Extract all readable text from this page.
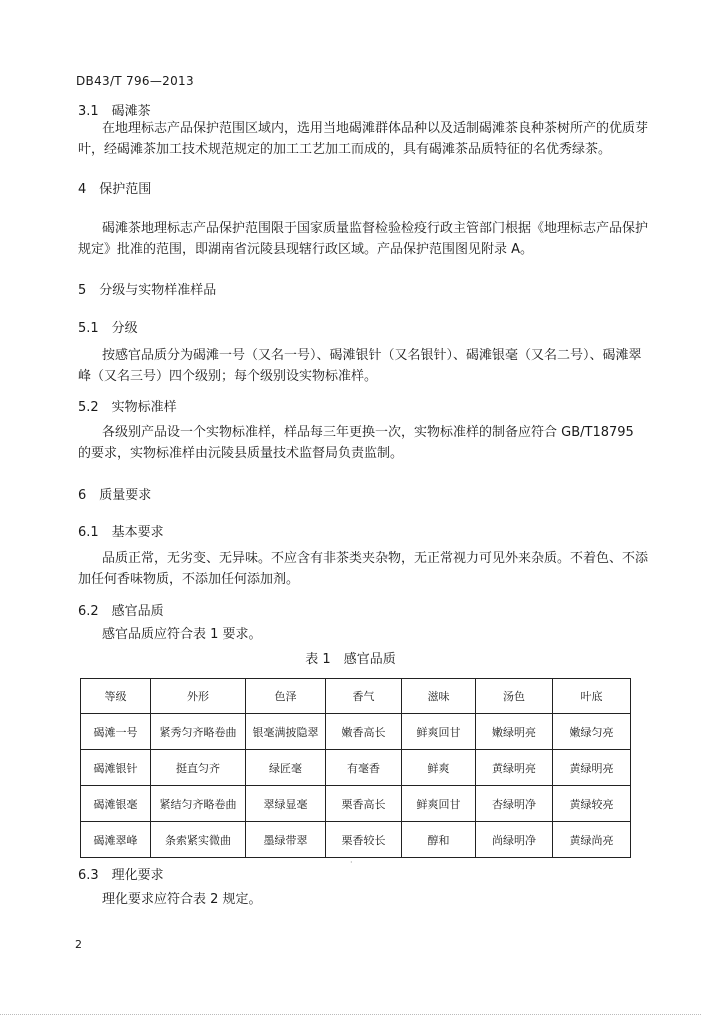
DB43/T 796—2013
3.1　碣滩茶
在地理标志产品保护范围区域内，选用当地碣滩群体品种以及适制碣滩茶良种茶树所产的优质芽叶，经碣滩茶加工技术规范规定的加工工艺加工而成的，具有碣滩茶品质特征的名优秀绿茶。
4　保护范围
碣滩茶地理标志产品保护范围限于国家质量监督检验检疫行政主管部门根据《地理标志产品保护规定》批准的范围，即湖南省沅陵县现辖行政区域。产品保护范围图见附录 A。
5　分级与实物样准样品
5.1　分级
按感官品质分为碣滩一号（又名一号）、碣滩银针（又名银针）、碣滩银毫（又名二号）、碣滩翠峰（又名三号）四个级别；每个级别设实物标准样。
5.2　实物标准样
各级别产品设一个实物标准样，样品每三年更换一次，实物标准样的制备应符合 GB/T18795 的要求，实物标准样由沅陵县质量技术监督局负责监制。
6　质量要求
6.1　基本要求
品质正常，无劣变、无异味。不应含有非茶类夹杂物，无正常视力可见外来杂质。不着色、不添加任何香味物质，不添加任何添加剂。
6.2　感官品质
感官品质应符合表 1 要求。
表 1　感官品质
等级	外形	色泽	香气	滋味	汤色	叶底
碣滩一号	紧秀匀齐略卷曲	银毫满披隐翠	嫩香高长	鲜爽回甘	嫩绿明亮	嫩绿匀亮
碣滩银针	挺直匀齐	绿匠毫	有毫香	鲜爽	黄绿明亮	黄绿明亮
碣滩银毫	紧结匀齐略卷曲	翠绿显毫	栗香高长	鲜爽回甘	杏绿明净	黄绿较亮
碣滩翠峰	条索紧实微曲	墨绿带翠	栗香较长	醇和	尚绿明净	黄绿尚亮
·
6.3　理化要求
理化要求应符合表 2 规定。
2
